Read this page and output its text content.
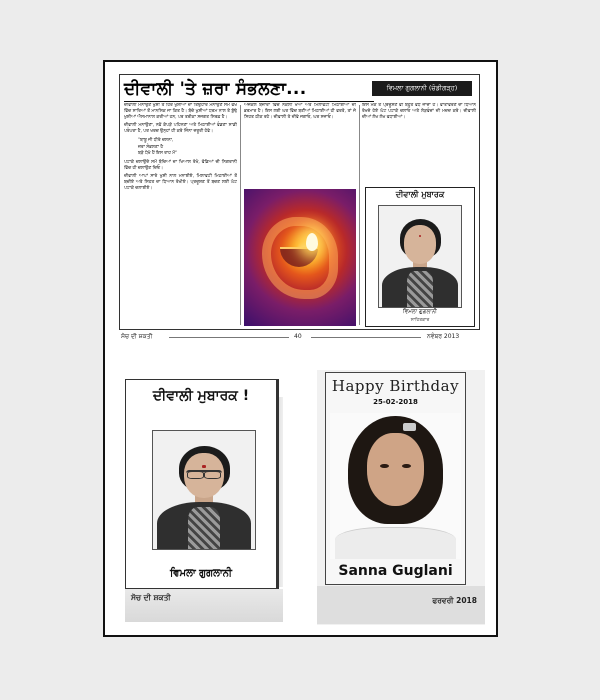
ਦੀਵਾਲੀ 'ਤੇ ਜ਼ਰਾ ਸੰਭਲਣਾ...	ਵਿਮਲਾ ਗੁਗਲਾਨੀ (ਚੰਡੀਗੜ੍ਹ)

ਦੀਵਾਲੀ ਮਨਾਉਣ ਖੁਸ਼ੀ ਤੇ ਹਿਰ ਖੁਸ਼ੀਆਂ ਦਾ ਤਿਉਹਾਰ ਮਨਾਉਣ ਸਮੇਂ ਵੱਖ ਵਿੱਚ ਸਾਰਿਆਂ ਤੋਂ ਮਾਨਸਿਕ ਜਾ ਕਿਤ ਹੈ। ਬੱਚੇ ਖੁਸ਼ੀਆਂ ਧਰਮ ਨਾਲ ਤੇ ਬੁੱਢੇ ਖੁਸ਼ੀਆਂ ਐਸਮਾਨਾਲ ਕਰੀਆਂ ਹਨ, ਪਰ ਤਰੀਕਾ ਸਜਗਤ ਸਿਰਫ਼ ਹੈ।

ਦੀਵਾਲੀ ਮਨਾਉਣਾ, ਨਵੇਂ ਕੱਪੜੇ ਪਹਿਨਣਾ ਅਤੇ ਮਿਠਾਈਆਂ ਵੰਡਣਾ ਸਾਡੀ ਪਰੰਪਰਾ ਹੈ, ਪਰ ਖਰਚ ਉਨ੍ਹਾਂ ਹੀ ਕਰੋ ਜਿੰਨਾ ਜ਼ਰੂਰੀ ਹੋਵੇ।

"ਬਾਬੂ ਜੀ ਧੀਰੇ ਚਲਨਾ,
ਜ਼ਰਾ ਸੰਭਲਣਾ ਹੈ
ਬੜੇ ਧੋਖੇ ਹੈਂ ਇਸ ਰਾਹ ਮੇਂ"

ਪਟਾਕੇ ਚਲਾਉਂਦੇ ਸਮੇਂ ਬੱਚਿਆਂ ਦਾ ਖਿਆਲ ਰੱਖੋ, ਵੱਡਿਆਂ ਦੀ ਨਿਗਰਾਨੀ ਵਿੱਚ ਹੀ ਚਲਾਉਣ ਦਿਓ।

ਦੀਵਾਲੀ ਆਪਾਂ ਸਾਰੇ ਖੁਸ਼ੀ ਨਾਲ ਮਨਾਈਏ, ਮਿਲਾਵਟੀ ਮਿਠਾਈਆਂ ਤੋਂ ਬਚੀਏ ਅਤੇ ਸਿਹਤ ਦਾ ਧਿਆਨ ਰੱਖੀਏ। ਪ੍ਰਦੂਸ਼ਣ ਤੋਂ ਬਚਣ ਲਈ ਘੱਟ ਪਟਾਕੇ ਚਲਾਈਏ।

ਅਜਕੱਲ ਬਜ਼ਾਰਾਂ ਵਿੱਚ ਨਕਲੀ ਖੋਆ ਅਤੇ ਮਿਲਾਵਟੀ ਮਿਠਾਈਆਂ ਦੀ ਭਰਮਾਰ ਹੈ। ਇਸ ਲਈ ਘਰ ਵਿੱਚ ਬਣੀਆਂ ਮਿਠਾਈਆਂ ਹੀ ਵਰਤੋ, ਤਾਂ ਜੋ ਸਿਹਤ ਠੀਕ ਰਹੇ। ਦੀਵਾਲੀ ਤੇ ਦੀਵੇ ਜਗਾਓ, ਘਰ ਸਜਾਓ।

ਇਸ ਮੌਕੇ ਤੇ ਪ੍ਰਦੂਸ਼ਣ ਵੀ ਬਹੁਤ ਵੱਧ ਜਾਂਦਾ ਹੈ। ਵਾਤਾਵਰਣ ਦਾ ਧਿਆਨ ਰੱਖਦੇ ਹੋਏ ਘੱਟ ਪਟਾਕੇ ਚਲਾਓ ਅਤੇ ਲੋੜਵੰਦਾਂ ਦੀ ਮਦਦ ਕਰੋ। ਦੀਵਾਲੀ ਦੀਆਂ ਲੱਖ ਲੱਖ ਵਧਾਈਆਂ।

ਦੀਵਾਲੀ ਮੁਬਾਰਕ
ਵਿਮਲਾ ਗੁਗਲਾਨੀ
ਸਾਹਿਤਕਾਰ
ਸੋਚ ਦੀ ਸ਼ਕਤੀ	40	ਨਵੰਬਰ 2013
ਦੀਵਾਲੀ ਮੁਬਾਰਕ !
ਵਿਮਲਾ ਗੁਗਲਾਨੀ
ਸੋਚ ਦੀ ਸ਼ਕਤੀ
Happy Birthday
25-02-2018
Sanna Guglani
ਫਰਵਰੀ 2018
